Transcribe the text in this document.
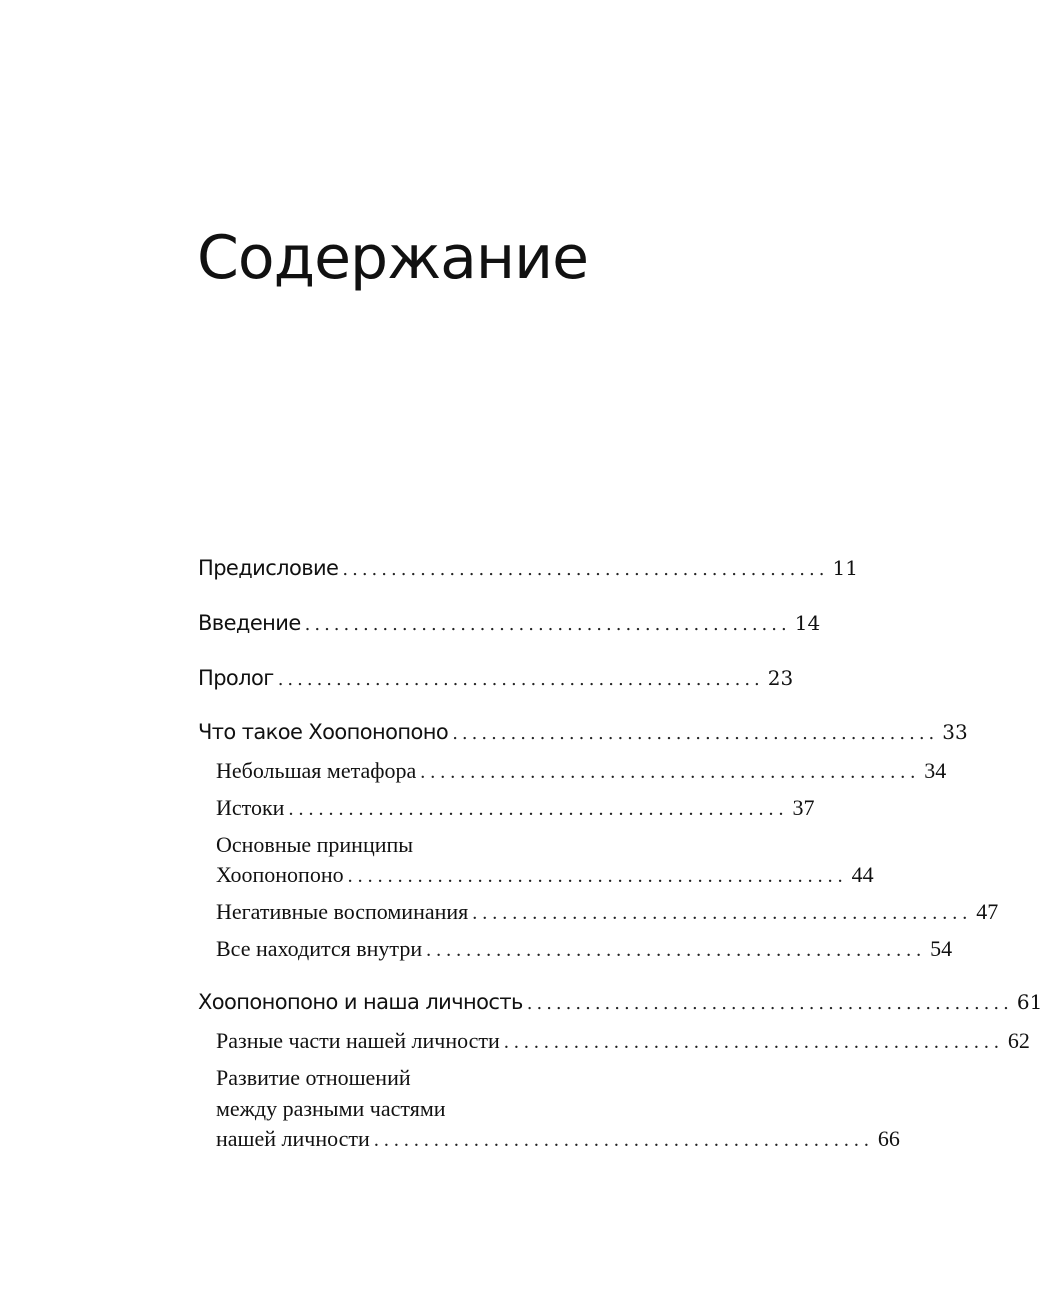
Содержание
Предисловие .................................................. 11
Введение .................................................. 14
Пролог .................................................. 23
Что такое Хоопонопоно .................................................. 33
Небольшая метафора .................................................. 34
Истоки .................................................. 37
Основные принципы
Хоопонопоно .................................................. 44
Негативные воспоминания .................................................. 47
Все находится внутри .................................................. 54
Хоопонопоно и наша личность .................................................. 61
Разные части нашей личности .................................................. 62
Развитие отношений
между разными частями
нашей личности .................................................. 66
